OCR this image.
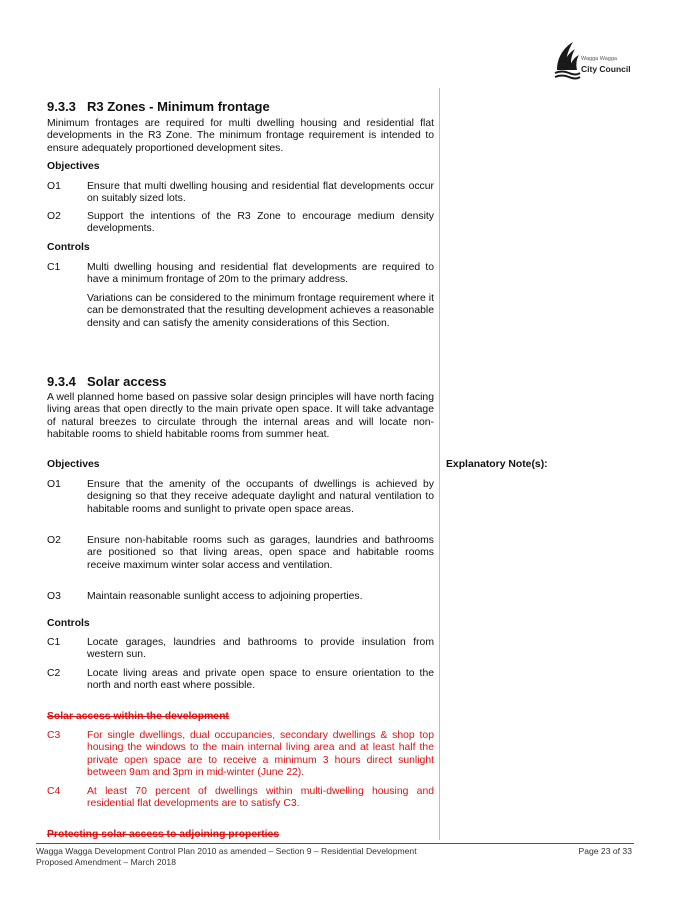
Wagga Wagga
City Council
9.3.3 R3 Zones - Minimum frontage
Minimum frontages are required for multi dwelling housing and residential flat developments in the R3 Zone. The minimum frontage requirement is intended to ensure adequately proportioned development sites.
Objectives
O1	Ensure that multi dwelling housing and residential flat developments occur on suitably sized lots.
O2	Support the intentions of the R3 Zone to encourage medium density developments.
Controls
C1	Multi dwelling housing and residential flat developments are required to have a minimum frontage of 20m to the primary address.
Variations can be considered to the minimum frontage requirement where it can be demonstrated that the resulting development achieves a reasonable density and can satisfy the amenity considerations of this Section.
9.3.4 Solar access
A well planned home based on passive solar design principles will have north facing living areas that open directly to the main private open space. It will take advantage of natural breezes to circulate through the internal areas and will locate non-habitable rooms to shield habitable rooms from summer heat.
Objectives
O1	Ensure that the amenity of the occupants of dwellings is achieved by designing so that they receive adequate daylight and natural ventilation to habitable rooms and sunlight to private open space areas.
O2	Ensure non-habitable rooms such as garages, laundries and bathrooms are positioned so that living areas, open space and habitable rooms receive maximum winter solar access and ventilation.
O3	Maintain reasonable sunlight access to adjoining properties.
Controls
C1	Locate garages, laundries and bathrooms to provide insulation from western sun.
C2	Locate living areas and private open space to ensure orientation to the north and north east where possible.
Solar access within the development
C3	For single dwellings, dual occupancies, secondary dwellings & shop top housing the windows to the main internal living area and at least half the private open space are to receive a minimum 3 hours direct sunlight between 9am and 3pm in mid-winter (June 22).
C4	At least 70 percent of dwellings within multi-dwelling housing and residential flat developments are to satisfy C3.
Protecting solar access to adjoining properties
Explanatory Note(s):
Wagga Wagga Development Control Plan 2010 as amended – Section 9 – Residential Development
Proposed Amendment – March 2018
Page 23 of 33
